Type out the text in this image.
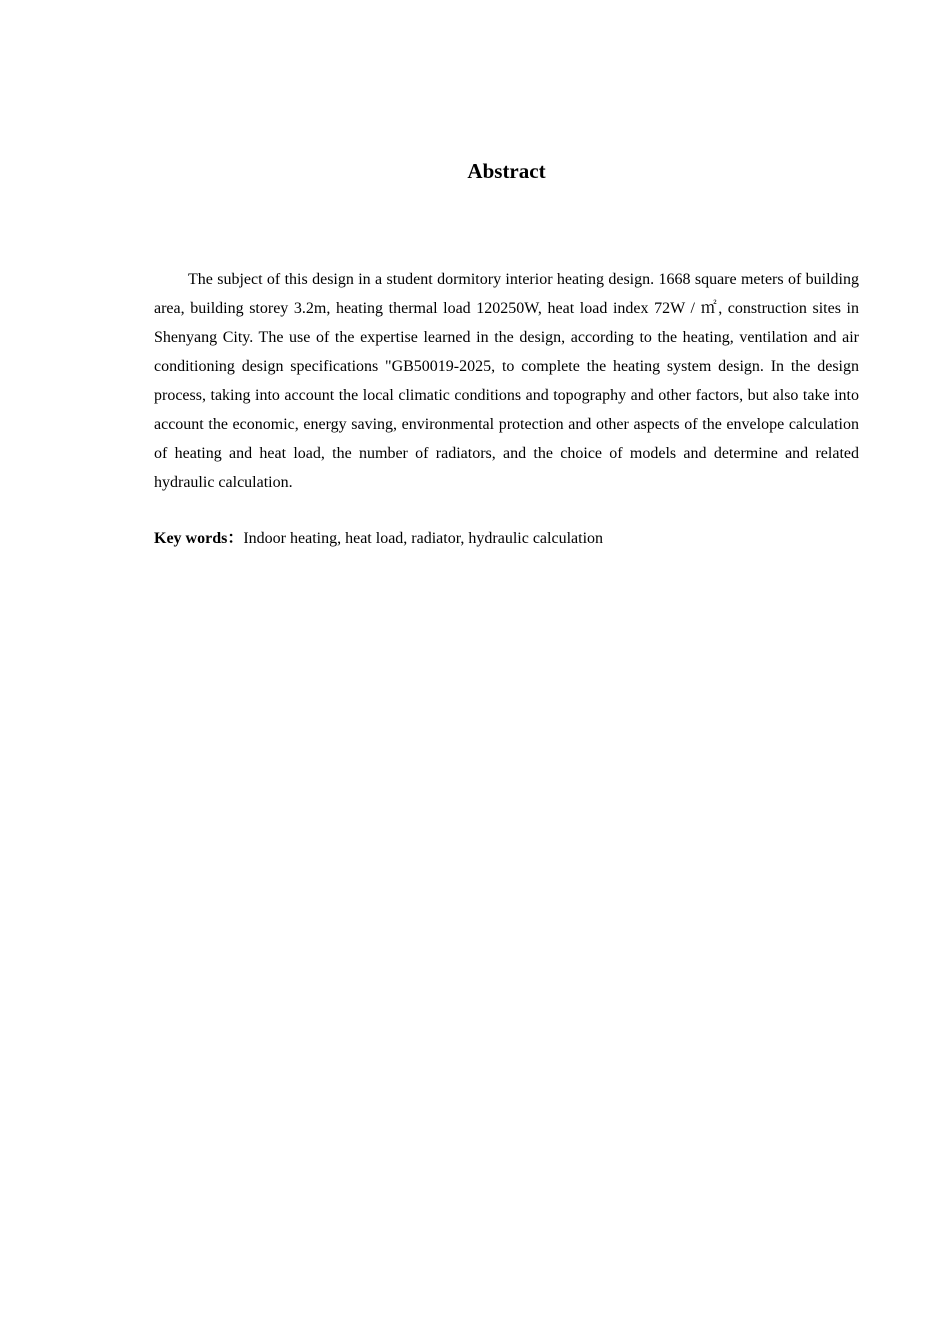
Abstract

The subject of this design in a student dormitory interior heating design. 1668 square meters of building area, building storey 3.2m, heating thermal load 120250W, heat load index 72W / ㎡, construction sites in Shenyang City. The use of the expertise learned in the design, according to the heating, ventilation and air conditioning design specifications "GB50019-2025, to complete the heating system design. In the design process, taking into account the local climatic conditions and topography and other factors, but also take into account the economic, energy saving, environmental protection and other aspects of the envelope calculation of heating and heat load, the number of radiators, and the choice of models and determine and related hydraulic calculation.

Key words：Indoor heating, heat load, radiator, hydraulic calculation
